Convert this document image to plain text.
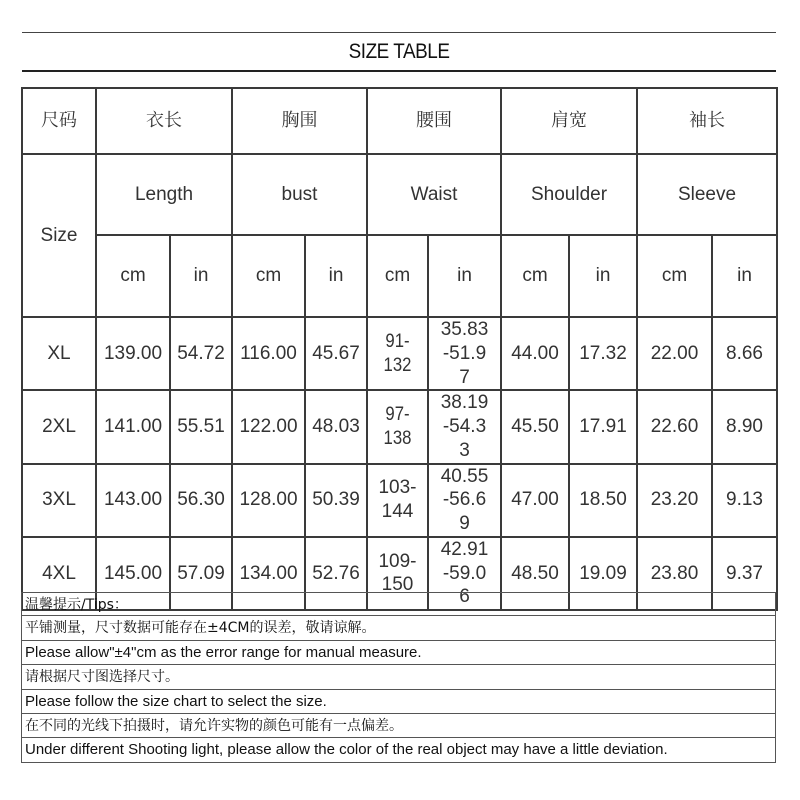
SIZE TABLE
尺码	衣长		胸围		腰围		肩宽		袖长	
Size	Length		bust		Waist		Shoulder		Sleeve	
	cm	in	cm	in	cm	in	cm	in	cm	in
XL	139.00	54.72	116.00	45.67	91-132	35.83-51.97	44.00	17.32	22.00	8.66
2XL	141.00	55.51	122.00	48.03	97-138	38.19-54.33	45.50	17.91	22.60	8.90
3XL	143.00	56.30	128.00	50.39	103-144	40.55-56.69	47.00	18.50	23.20	9.13
4XL	145.00	57.09	134.00	52.76	109-150	42.91-59.06	48.50	19.09	23.80	9.37
温馨提示/Tips：
平铺测量，尺寸数据可能存在±4CM的误差，敬请谅解。
Please allow"±4"cm as the error range for manual measure.
请根据尺寸图选择尺寸。
Please follow the size chart to select the size.
在不同的光线下拍摄时，请允许实物的颜色可能有一点偏差。
Under different Shooting light, please allow the color of the real object may have a little deviation.
